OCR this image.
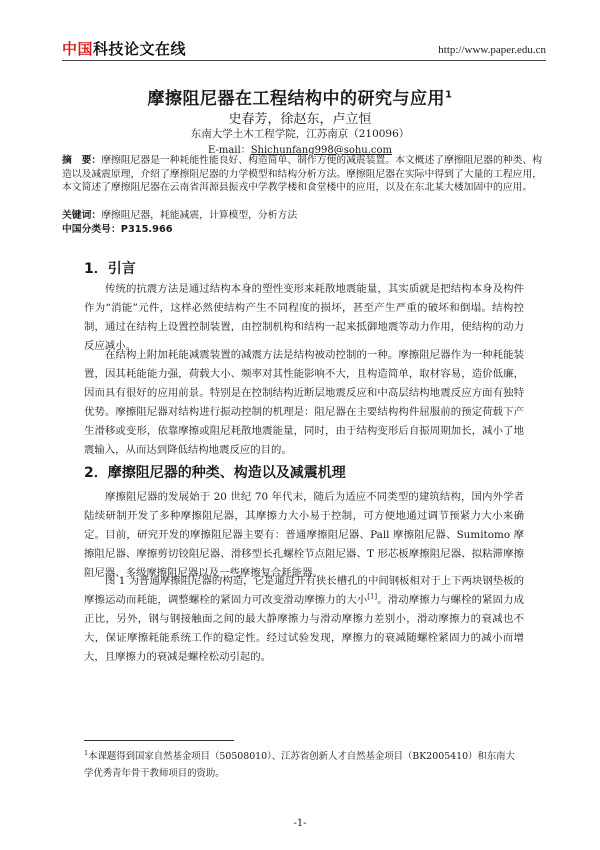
中国科技论文在线	http://www.paper.edu.cn
摩擦阻尼器在工程结构中的研究与应用$^1$
史春芳，徐赵东，卢立恒
东南大学土木工程学院，江苏南京（210096）
E-mail：Shichunfang998@sohu.com
摘　要：摩擦阻尼器是一种耗能性能良好、构造简单、制作方便的减震装置。本文概述了摩擦阻尼器的种类、构造以及减震原理，介绍了摩擦阻尼器的力学模型和结构分析方法。摩擦阻尼器在实际中得到了大量的工程应用，本文简述了摩擦阻尼器在云南省洱源县振戎中学教学楼和食堂楼中的应用，以及在东北某大楼加固中的应用。
关键词：摩擦阻尼器，耗能减震，计算模型，分析方法
中国分类号：P315.966
1．引言

传统的抗震方法是通过结构本身的塑性变形来耗散地震能量，其实质就是把结构本身及构件作为“消能”元件，这样必然使结构产生不同程度的损坏，甚至产生严重的破坏和倒塌。结构控制，通过在结构上设置控制装置，由控制机构和结构一起来抵御地震等动力作用，使结构的动力反应减小。

在结构上附加耗能减震装置的减震方法是结构被动控制的一种。摩擦阻尼器作为一种耗能装置，因其耗能能力强，荷载大小、频率对其性能影响不大，且构造简单，取材容易，造价低廉，因而具有很好的应用前景。特别是在控制结构近断层地震反应和中高层结构地震反应方面有独特优势。摩擦阻尼器对结构进行振动控制的机理是：阻尼器在主要结构构件屈服前的预定荷载下产生滑移或变形，依靠摩擦或阻尼耗散地震能量，同时，由于结构变形后自振周期加长，减小了地震输入，从而达到降低结构地震反应的目的。

2．摩擦阻尼器的种类、构造以及减震机理

摩擦阻尼器的发展始于 20 世纪 70 年代末，随后为适应不同类型的建筑结构，国内外学者陆续研制开发了多种摩擦阻尼器，其摩擦力大小易于控制，可方便地通过调节预紧力大小来确定。目前，研究开发的摩擦阻尼器主要有：普通摩擦阻尼器、Pall 摩擦阻尼器、Sumitomo 摩擦阻尼器、摩擦剪切铰阻尼器、滑移型长孔螺栓节点阻尼器、T 形芯板摩擦阻尼器、拟粘滞摩擦阻尼器、多级摩擦阻尼器以及一些摩擦复合耗能器。

图 1 为普通摩擦阻尼器的构造，它是通过开有狭长槽孔的中间钢板相对于上下两块钢垫板的摩擦运动而耗能，调整螺栓的紧固力可改变滑动摩擦力的大小[1]。滑动摩擦力与螺栓的紧固力成正比，另外，钢与钢接触面之间的最大静摩擦力与滑动摩擦力差别小，滑动摩擦力的衰减也不大，保证摩擦耗能系统工作的稳定性。经过试验发现，摩擦力的衰减随螺栓紧固力的减小而增大，且摩擦力的衰减是螺栓松动引起的。

$^1$本课题得到国家自然基金项目（50508010）、江苏省创新人才自然基金项目（BK2005410）和东南大学优秀青年骨干教师项目的资助。
-1-
